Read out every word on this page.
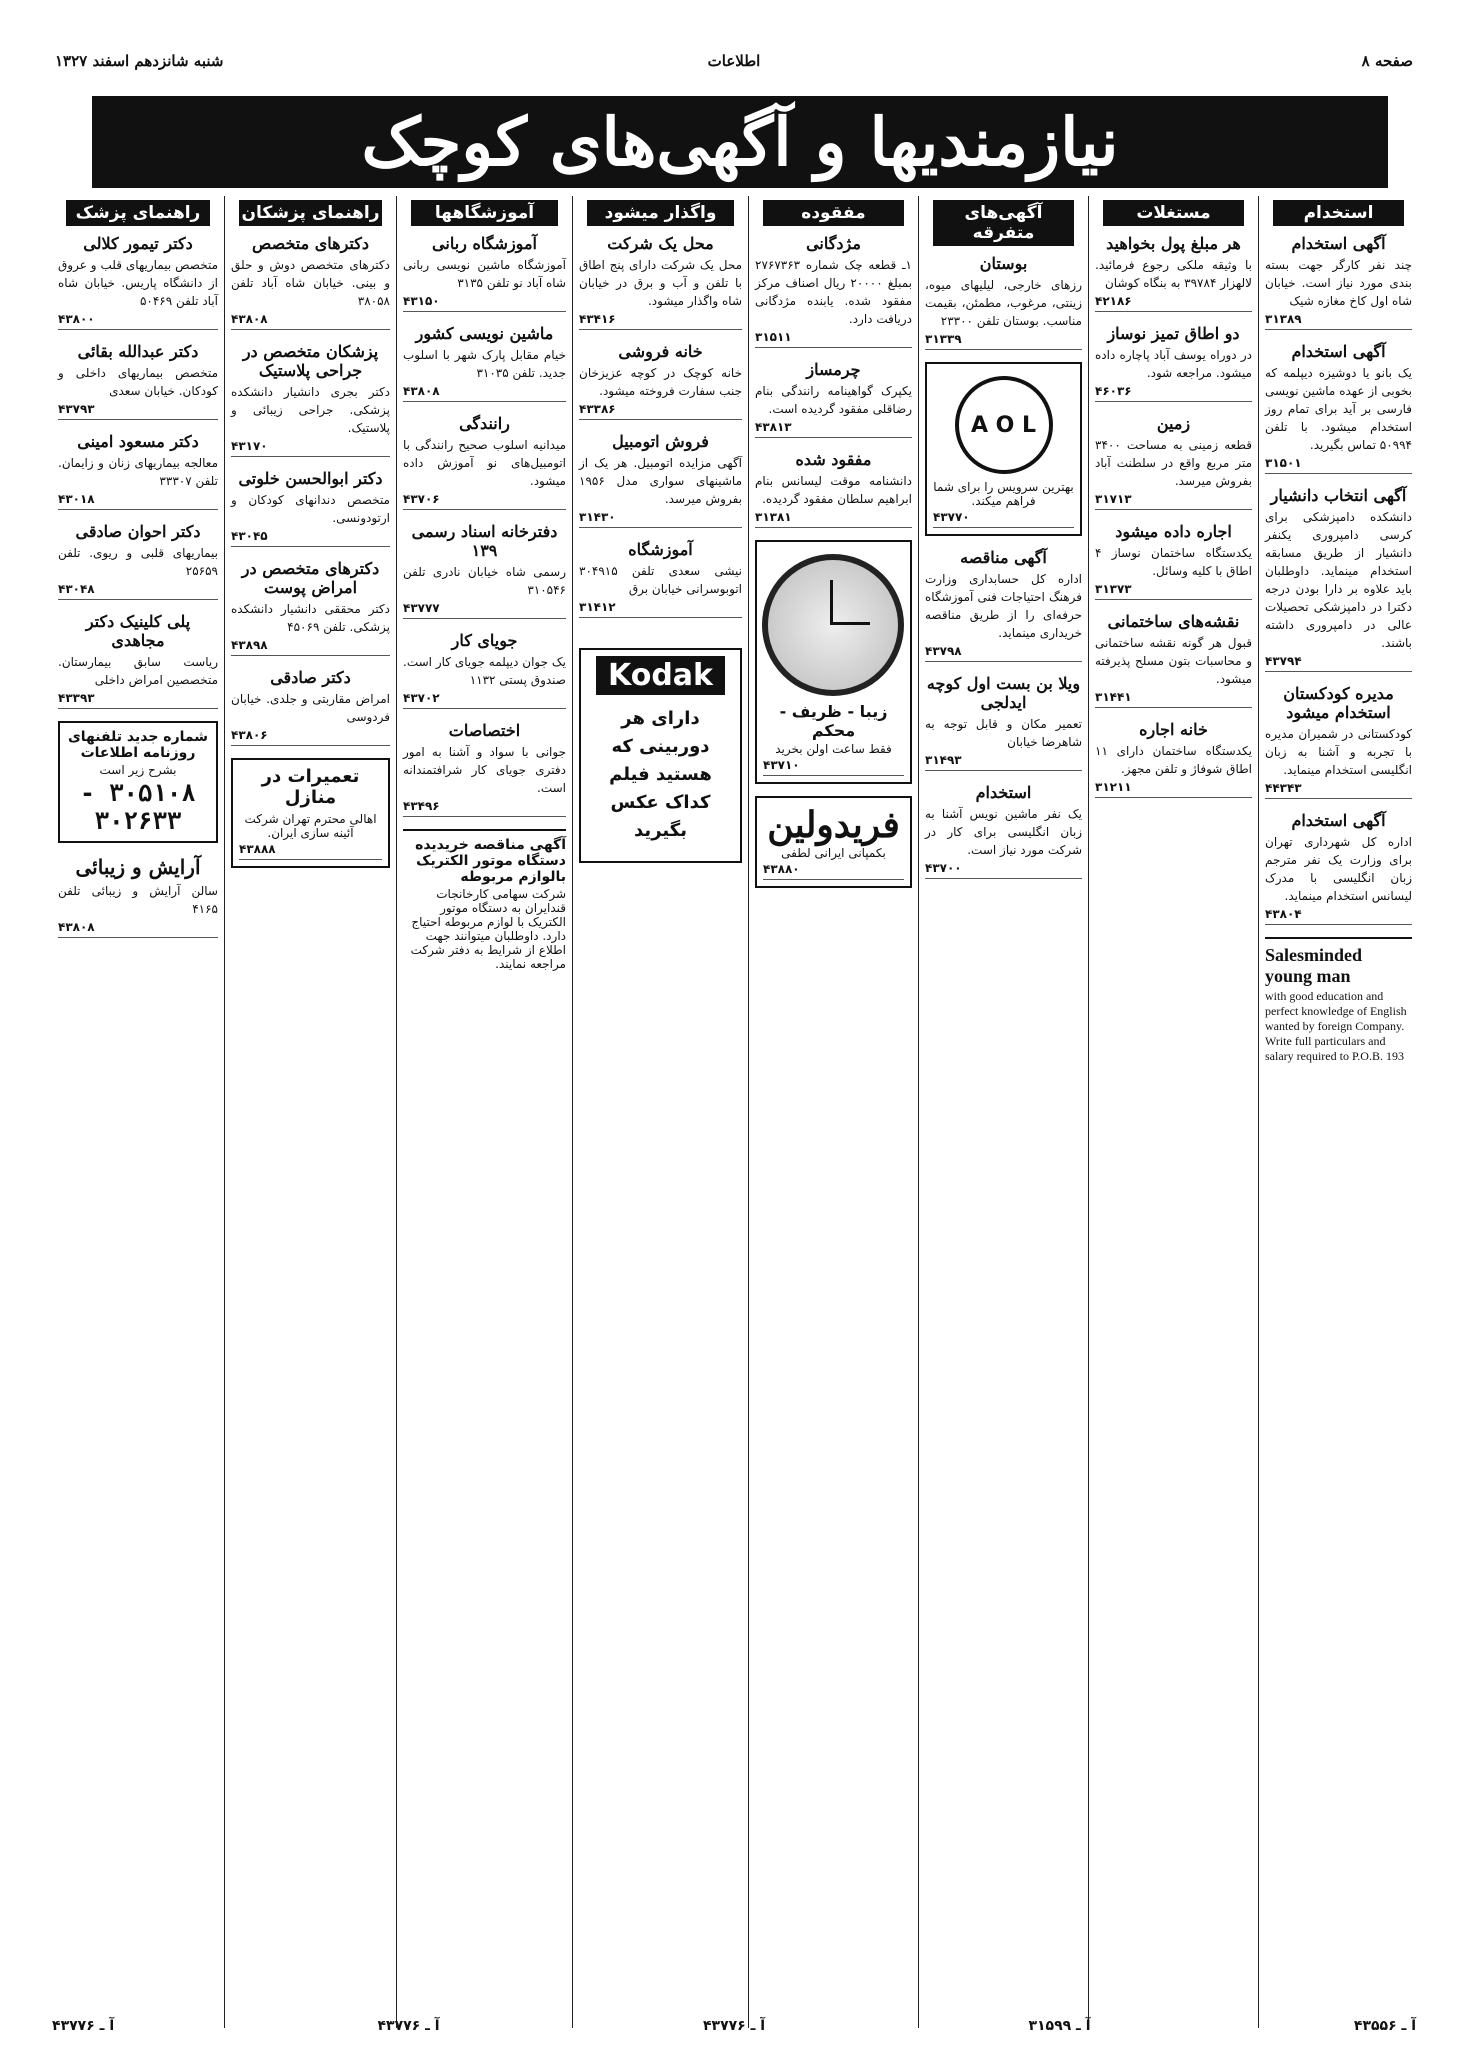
شنبه شانزدهم اسفند ۱۳۲۷	اطلاعات	صفحه ۸
نیازمندیها و آگهی‌های کوچک
استخدام
آگهی استخدام

چند نفر کارگر جهت بسته بندی مورد نیاز است. خیابان شاه اول کاخ مغازه شیک

۳۱۳۸۹
آگهی استخدام

یک بانو یا دوشیزه دیپلمه که بخوبی از عهده ماشین نویسی فارسی بر آید برای تمام روز استخدام میشود. با تلفن ۵۰۹۹۴ تماس بگیرید.

۳۱۵۰۱
آگهی انتخاب دانشیار

دانشکده دامپزشکی برای کرسی دامپروری یکنفر دانشیار از طریق مسابقه استخدام مینماید. داوطلبان باید علاوه بر دارا بودن درجه دکترا در دامپزشکی تحصیلات عالی در دامپروری داشته باشند.

۴۳۷۹۴
مدیره کودکستان استخدام میشود

کودکستانی در شمیران مدیره با تجربه و آشنا به زبان انگلیسی استخدام مینماید.

۴۴۳۴۳
آگهی استخدام

اداره کل شهرداری تهران برای وزارت یک نفر مترجم زبان انگلیسی با مدرک لیسانس استخدام مینماید.

۴۳۸۰۴
Salesminded young man

with good education and perfect knowledge of English wanted by foreign Company. Write full particulars and salary required to P.O.B. 193

مستغلات
هر مبلغ پول بخواهید

با وثیقه ملکی رجوع فرمائید. لالهزار ۳۹۷۸۴ به بنگاه کوشان

۴۲۱۸۶
دو اطاق تمیز نوساز

در دوراه یوسف آباد پاچاره داده میشود. مراجعه شود.

۴۶۰۳۶
زمین

قطعه زمینی به مساحت ۳۴۰۰ متر مربع واقع در سلطنت آباد بفروش میرسد.

۳۱۷۱۳
اجاره داده میشود

یکدستگاه ساختمان نوساز ۴ اطاق با کلیه وسائل.

۳۱۳۷۳
نقشه‌های ساختمانی

قبول هر گونه نقشه ساختمانی و محاسبات بتون مسلح پذیرفته میشود.

۳۱۴۴۱
خانه اجاره

یکدستگاه ساختمان دارای ۱۱ اطاق شوفاژ و تلفن مجهز.

۳۱۲۱۱
آگهی‌های متفرقه
بوستان

رزهای خارجی، لیلیهای میوه، زینتی، مرغوب، مطمئن، بقیمت مناسب. بوستان تلفن ۲۳۳۰۰

۳۱۳۳۹
A O L

بهترین سرویس را برای شما فراهم میکند.

۴۳۷۷۰
آگهی مناقصه

اداره کل حسابداری وزارت فرهنگ احتیاجات فنی آموزشگاه حرفه‌ای را از طریق مناقصه خریداری مینماید.

۴۳۷۹۸
ویلا بن بست اول کوچه ایدلجی

تعمیر مکان و قابل توجه به شاهرضا خیابان

۳۱۴۹۳
استخدام

یک نفر ماشین نویس آشنا به زبان انگلیسی برای کار در شرکت مورد نیاز است.

۴۳۷۰۰
مفقوده
مژدگانی

۱ـ قطعه چک شماره ۲۷۶۷۳۶۳ بمبلغ ۲۰۰۰۰ ریال اصناف مرکز مفقود شده. یابنده مژدگانی دریافت دارد.

۳۱۵۱۱
چرمساز

یکپرک گواهینامه رانندگی بنام رضاقلی مفقود گردیده است.

۴۳۸۱۳
مفقود شده

دانشنامه موقت لیسانس بنام ابراهیم سلطان مفقود گردیده.

۳۱۳۸۱
زیبا - ظریف - محکم

فقط ساعت اولن بخرید

۴۳۷۱۰
فریدولین

بکمپانی ایرانی لطفی

۴۳۸۸۰
واگذار میشود
محل یک شرکت

محل یک شرکت دارای پنج اطاق با تلفن و آب و برق در خیابان شاه واگذار میشود.

۴۳۴۱۶
خانه فروشی

خانه کوچک در کوچه عزیزخان جنب سفارت فروخته میشود.

۴۳۳۸۶
فروش اتومبیل

آگهی مزایده اتومبیل. هر یک از ماشینهای سواری مدل ۱۹۵۶ بفروش میرسد.

۳۱۴۳۰
آموزشگاه

نیشی سعدی تلفن ۳۰۴۹۱۵ اتوبوسرانی خیابان برق

۳۱۴۱۲
Kodak

دارای هر دوربینی که هستید فیلم کداک عکس بگیرید

آموزشگاهها
آموزشگاه ربانی

آموزشگاه ماشین نویسی ربانی شاه آباد نو تلفن ۳۱۳۵

۴۳۱۵۰
ماشین نویسی کشور

خیام مقابل پارک شهر با اسلوب جدید. تلفن ۳۱۰۳۵

۴۳۸۰۸
رانندگی

میدانیه اسلوب صحیح رانندگی با اتومبیل‌های نو آموزش داده میشود.

۴۳۷۰۶
دفترخانه اسناد رسمی ۱۳۹

رسمی شاه خیابان نادری تلفن ۳۱۰۵۴۶

۴۳۷۷۷
جویای کار

یک جوان دیپلمه جویای کار است. صندوق پستی ۱۱۳۲

۴۳۷۰۲
اختصاصات

جوانی با سواد و آشنا به امور دفتری جویای کار شرافتمندانه است.

۴۳۴۹۶
آگهی مناقصه خریدیده دستگاه موتور الکتریک بالوازم مربوطه

شرکت سهامی کارخانجات قندایران به دستگاه موتور الکتریک با لوازم مربوطه احتیاج دارد. داوطلبان میتوانند جهت اطلاع از شرایط به دفتر شرکت مراجعه نمایند.

راهنمای پزشکان
دکترهای متخصص

دکترهای متخصص دوش و حلق و بینی. خیابان شاه آباد تلفن ۳۸۰۵۸

۴۳۸۰۸
پزشکان متخصص در جراحی پلاستیک

دکتر بجری دانشیار دانشکده پزشکی. جراحی زیبائی و پلاستیک.

۴۳۱۷۰
دکتر ابوالحسن خلوتی

متخصص دندانهای کودکان و ارتودونسی.

۴۳۰۴۵
دکترهای متخصص در امراض پوست

دکتر محققی دانشیار دانشکده پزشکی. تلفن ۴۵۰۶۹

۴۳۸۹۸
دکتر صادقی

امراض مقاربتی و جلدی. خیابان فردوسی

۴۳۸۰۶
تعمیرات در منازل

اهالی محترم تهران شرکت آئینه سازی ایران.

۴۳۸۸۸
راهنمای پزشک
دکتر تیمور کلالی

متخصص بیماریهای قلب و عروق از دانشگاه پاریس. خیابان شاه آباد تلفن ۵۰۴۶۹

۴۳۸۰۰
دکتر عبدالله بقائی

متخصص بیماریهای داخلی و کودکان. خیابان سعدی

۴۳۷۹۳
دکتر مسعود امینی

معالجه بیماریهای زنان و زایمان. تلفن ۳۳۳۰۷

۴۳۰۱۸
دکتر احوان صادقی

بیماریهای قلبی و ریوی. تلفن ۲۵۶۵۹

۴۳۰۴۸
پلی کلینیک دکتر مجاهدی

ریاست سابق بیمارستان. متخصصین امراض داخلی

۴۳۳۹۳
شماره جدید تلفنهای روزنامه اطلاعات

بشرح زیر است

۳۰۵۱۰۸ - ۳۰۲۶۳۳
آرایش و زیبائی

سالن آرایش و زیبائی تلفن ۴۱۶۵

۴۳۸۰۸
آ ـ ۴۳۵۵۶
آ ـ ۳۱۵۹۹
آ ـ ۴۳۷۷۶
آ ـ ۴۳۷۷۶
آ ـ ۴۳۷۷۶
